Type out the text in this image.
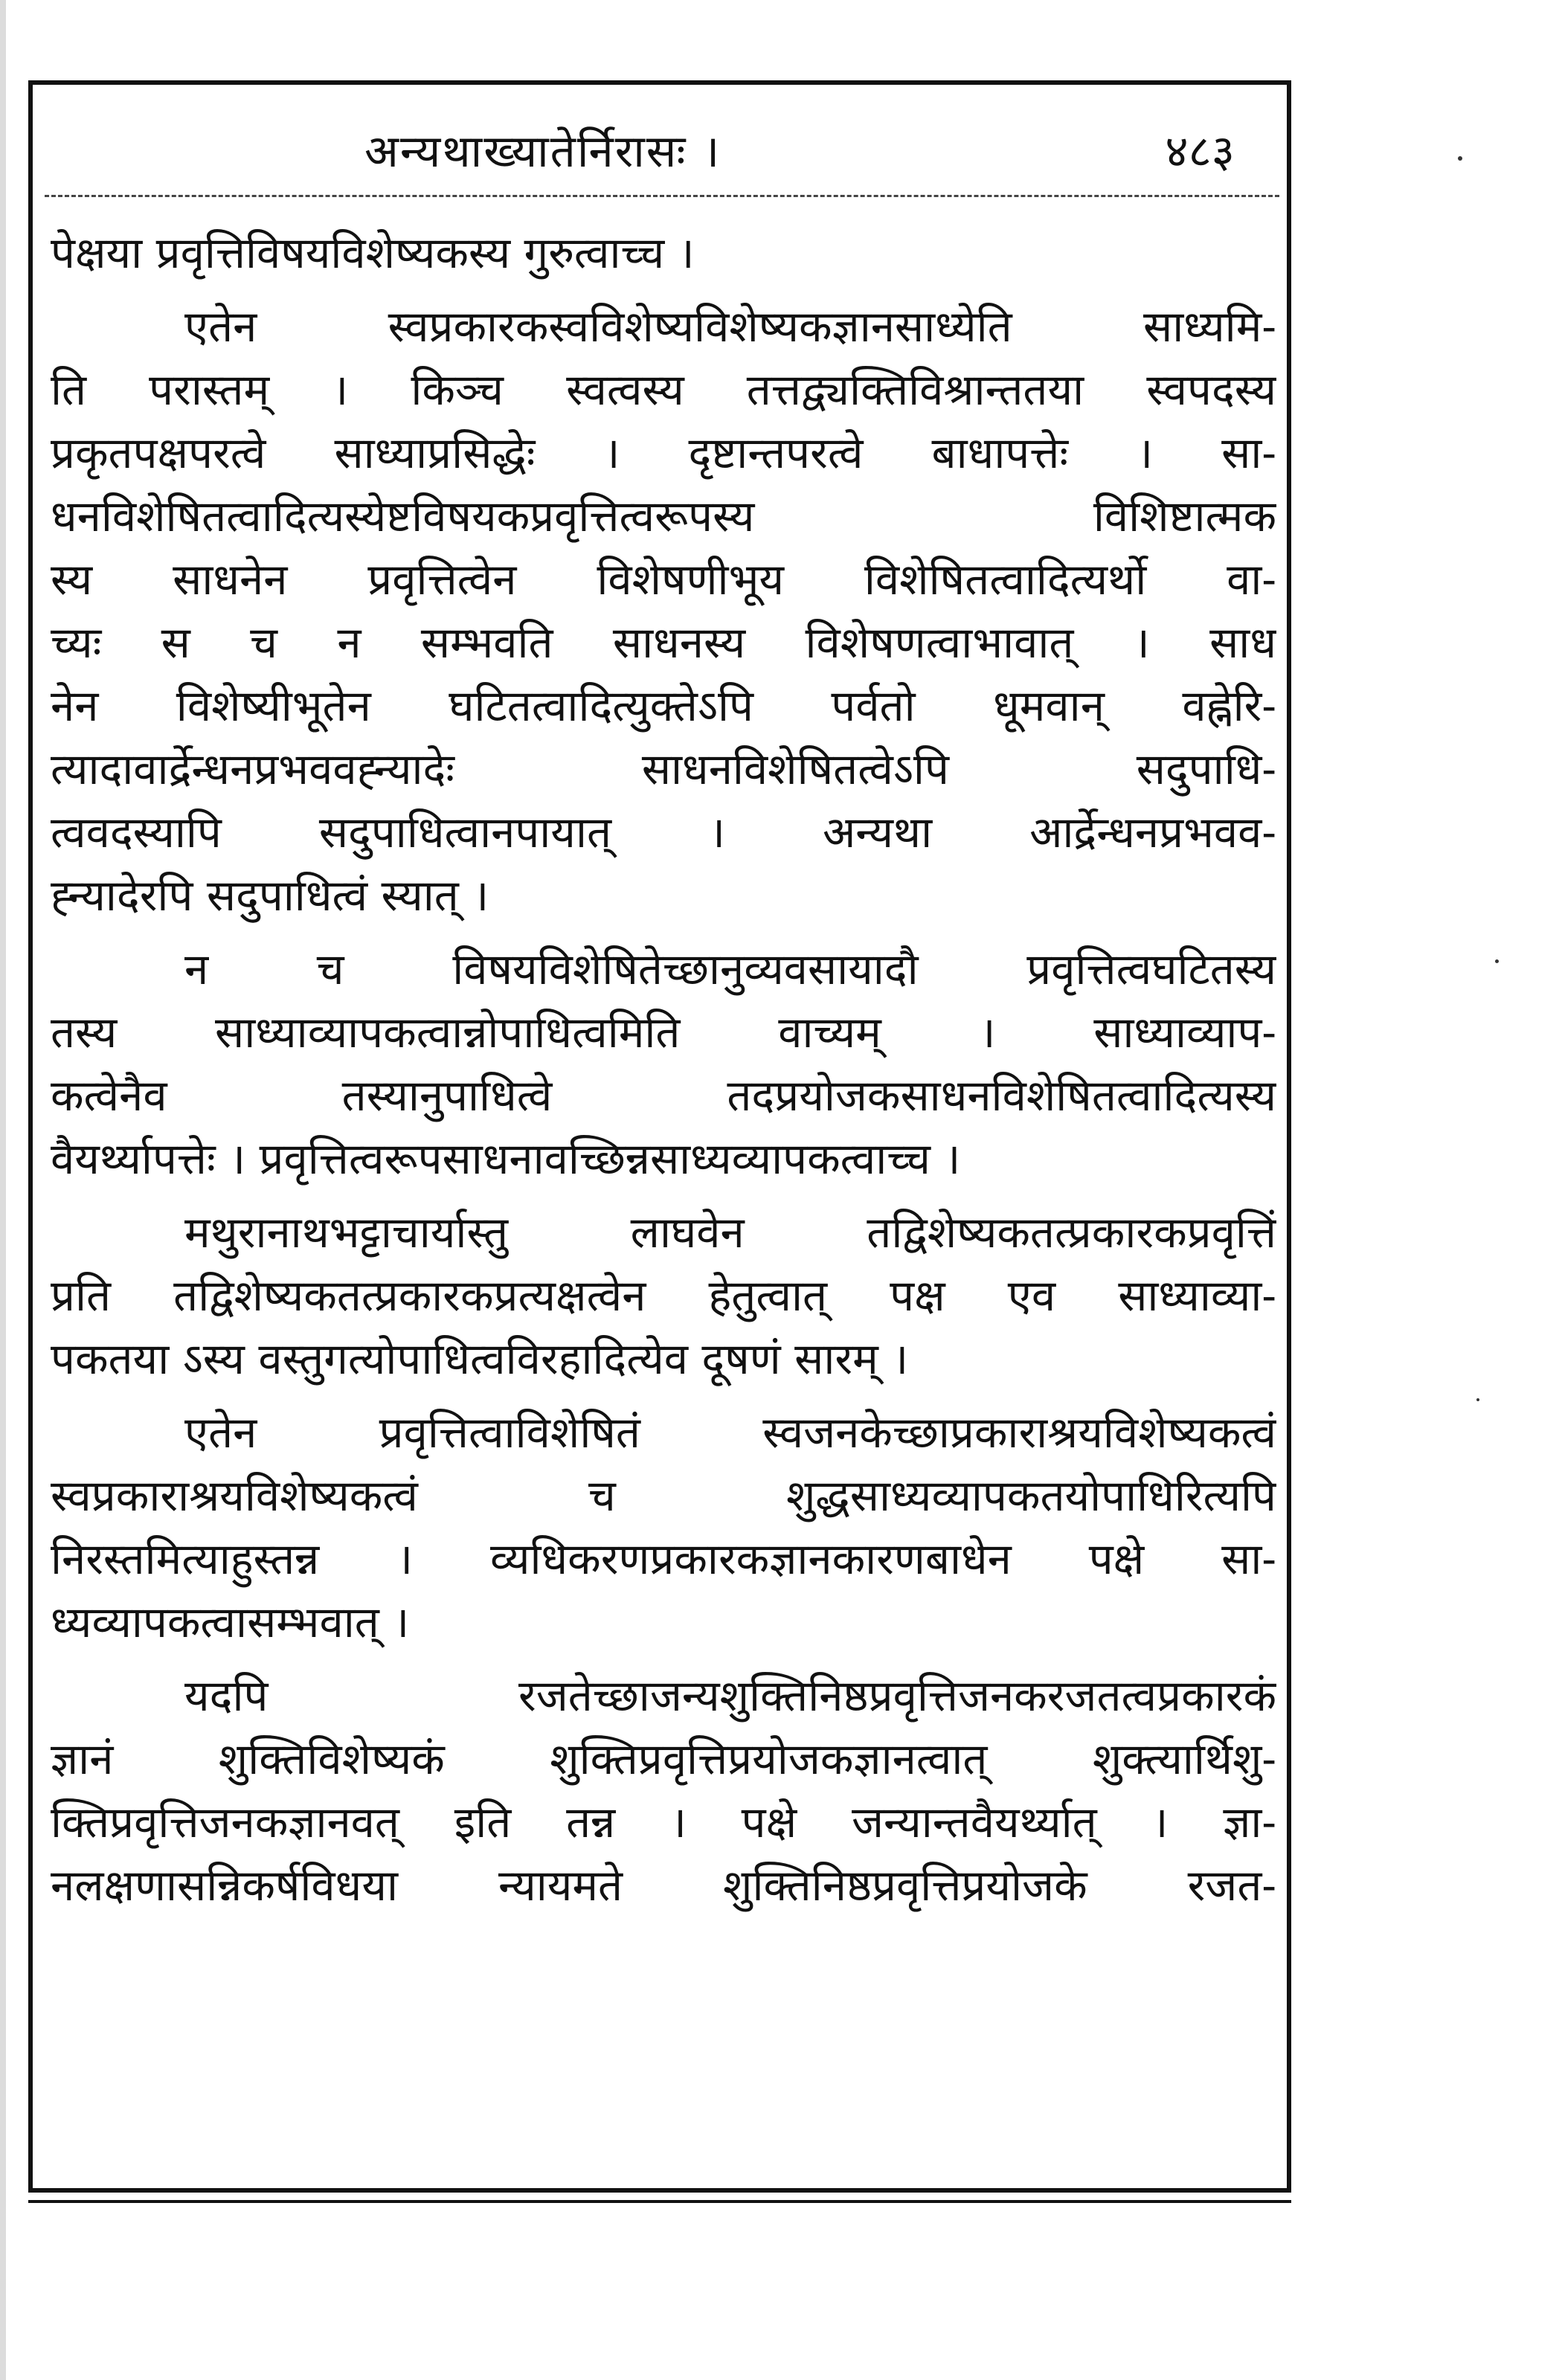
अन्यथाख्यातेर्निरासः ।	४८३
पेक्षया प्रवृत्तिविषयविशेष्यकस्य गुरुत्वाच्च ।
एतेन स्वप्रकारकस्वविशेष्यविशेष्यकज्ञानसाध्येति साध्यमि-
ति परास्तम् । किञ्च स्वत्वस्य तत्तद्व्यक्तिविश्रान्ततया स्वपदस्य
प्रकृतपक्षपरत्वे साध्याप्रसिद्धेः । दृष्टान्तपरत्वे बाधापत्तेः । सा-
धनविशेषितत्वादित्यस्येष्टविषयकप्रवृत्तित्वरूपस्य विशिष्टात्मक
स्य साधनेन प्रवृत्तित्वेन विशेषणीभूय विशेषितत्वादित्यर्थो वा-
च्यः स च न सम्भवति साधनस्य विशेषणत्वाभावात् । साध
नेन विशेष्यीभूतेन घटितत्वादित्युक्तेऽपि पर्वतो धूमवान् वह्नेरि-
त्यादावार्द्रेन्धनप्रभववह्न्यादेः साधनविशेषितत्वेऽपि सदुपाधि-
त्ववदस्यापि सदुपाधित्वानपायात् । अन्यथा आर्द्रेन्धनप्रभवव-
ह्न्यादेरपि सदुपाधित्वं स्यात् ।
न च विषयविशेषितेच्छानुव्यवसायादौ प्रवृत्तित्वघटितस्य
तस्य साध्याव्यापकत्वान्नोपाधित्वमिति वाच्यम् । साध्याव्याप-
कत्वेनैव तस्यानुपाधित्वे तदप्रयोजकसाधनविशेषितत्वादित्यस्य
वैयर्थ्यापत्तेः । प्रवृत्तित्वरूपसाधनावच्छिन्नसाध्यव्यापकत्वाच्च ।
मथुरानाथभट्टाचार्यास्तु लाघवेन तद्विशेष्यकतत्प्रकारकप्रवृत्तिं
प्रति तद्विशेष्यकतत्प्रकारकप्रत्यक्षत्वेन हेतुत्वात् पक्ष एव साध्याव्या-
पकतया ऽस्य वस्तुगत्योपाधित्वविरहादित्येव दूषणं सारम् ।
एतेन प्रवृत्तित्वाविशेषितं स्वजनकेच्छाप्रकाराश्रयविशेष्यकत्वं
स्वप्रकाराश्रयविशेष्यकत्वं च शुद्धसाध्यव्यापकतयोपाधिरित्यपि
निरस्तमित्याहुस्तन्न । व्यधिकरणप्रकारकज्ञानकारणबाधेन पक्षे सा-
ध्यव्यापकत्वासम्भवात् ।
यदपि रजतेच्छाजन्यशुक्तिनिष्ठप्रवृत्तिजनकरजतत्वप्रकारकं
ज्ञानं शुक्तिविशेष्यकं शुक्तिप्रवृत्तिप्रयोजकज्ञानत्वात् शुक्त्यार्थिशु-
क्तिप्रवृत्तिजनकज्ञानवत् इति तन्न । पक्षे जन्यान्तवैयर्थ्यात् । ज्ञा-
नलक्षणासन्निकर्षविधया न्यायमते शुक्तिनिष्ठप्रवृत्तिप्रयोजके रजत-
